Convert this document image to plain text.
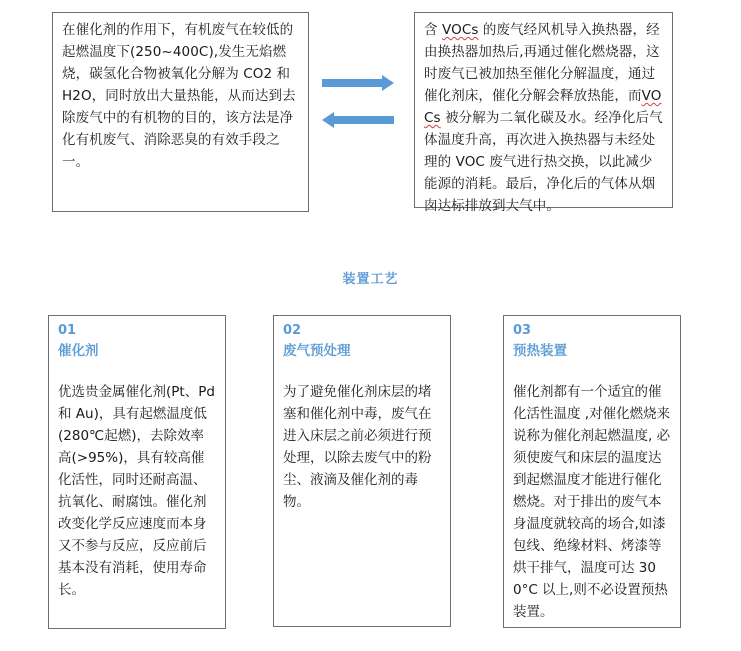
在催化剂的作用下，有机废气在较低的起燃温度下(250~400C),发生无焰燃烧，碳氢化合物被氧化分解为 CO2 和 H2O，同时放出大量热能，从而达到去除废气中的有机物的目的，该方法是净化有机废气、消除恶臭的有效手段之一。
含 VOCs 的废气经风机导入换热器，经由换热器加热后,再通过催化燃烧器，这时废气已被加热至催化分解温度，通过催化剂床，催化分解会释放热能，而VOCs 被分解为二氧化碳及水。经净化后气体温度升高，再次进入换热器与未经处理的 VOC 废气进行热交换，以此减少能源的消耗。最后，净化后的气体从烟囱达标排放到大气中。
装置工艺
01
催化剂
优选贵金属催化剂(Pt、Pd 和 Au)，具有起燃温度低(280℃起燃)，去除效率高(>95%)，具有较高催化活性，同时还耐高温、抗氧化、耐腐蚀。催化剂改变化学反应速度而本身又不参与反应，反应前后基本没有消耗，使用寿命长。
02
废气预处理
为了避免催化剂床层的堵塞和催化剂中毒，废气在进入床层之前必须进行预处理，以除去废气中的粉尘、液滴及催化剂的毒物。
03
预热装置
催化剂都有一个适宜的催化活性温度 ,对催化燃烧来说称为催化剂起燃温度, 必须使废气和床层的温度达到起燃温度才能进行催化燃烧。对于排出的废气本身温度就较高的场合,如漆包线、绝缘材料、烤漆等烘干排气，温度可达 300°C 以上,则不必设置预热装置。
